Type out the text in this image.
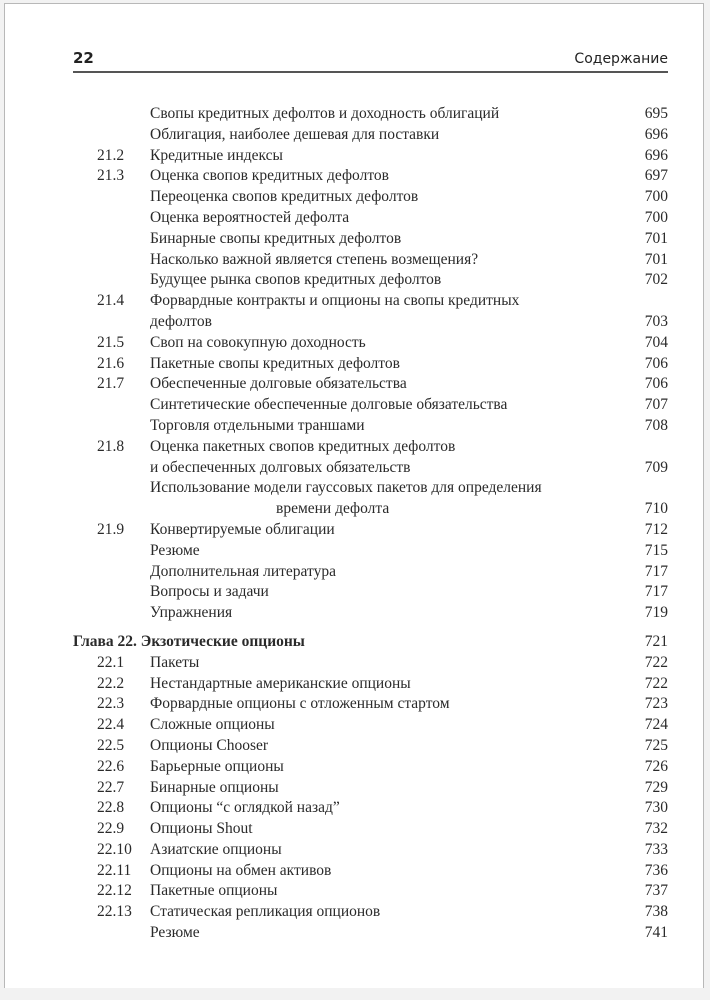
22	Содержание
Свопы кредитных дефолтов и доходность облигаций	695
Облигация, наиболее дешевая для поставки	696
21.2	Кредитные индексы	696
21.3	Оценка свопов кредитных дефолтов	697
Переоценка свопов кредитных дефолтов	700
Оценка вероятностей дефолта	700
Бинарные свопы кредитных дефолтов	701
Насколько важной является степень возмещения?	701
Будущее рынка свопов кредитных дефолтов	702
21.4	Форвардные контракты и опционы на свопы кредитных
дефолтов	703
21.5	Своп на совокупную доходность	704
21.6	Пакетные свопы кредитных дефолтов	706
21.7	Обеспеченные долговые обязательства	706
Синтетические обеспеченные долговые обязательства	707
Торговля отдельными траншами	708
21.8	Оценка пакетных свопов кредитных дефолтов
и обеспеченных долговых обязательств	709
Использование модели гауссовых пакетов для определения
времени дефолта	710
21.9	Конвертируемые облигации	712
Резюме	715
Дополнительная литература	717
Вопросы и задачи	717
Упражнения	719
Глава 22. Экзотические опционы	721
22.1	Пакеты	722
22.2	Нестандартные американские опционы	722
22.3	Форвардные опционы с отложенным стартом	723
22.4	Сложные опционы	724
22.5	Опционы Chooser	725
22.6	Барьерные опционы	726
22.7	Бинарные опционы	729
22.8	Опционы “с оглядкой назад”	730
22.9	Опционы Shout	732
22.10	Азиатские опционы	733
22.11	Опционы на обмен активов	736
22.12	Пакетные опционы	737
22.13	Статическая репликация опционов	738
Резюме	741
